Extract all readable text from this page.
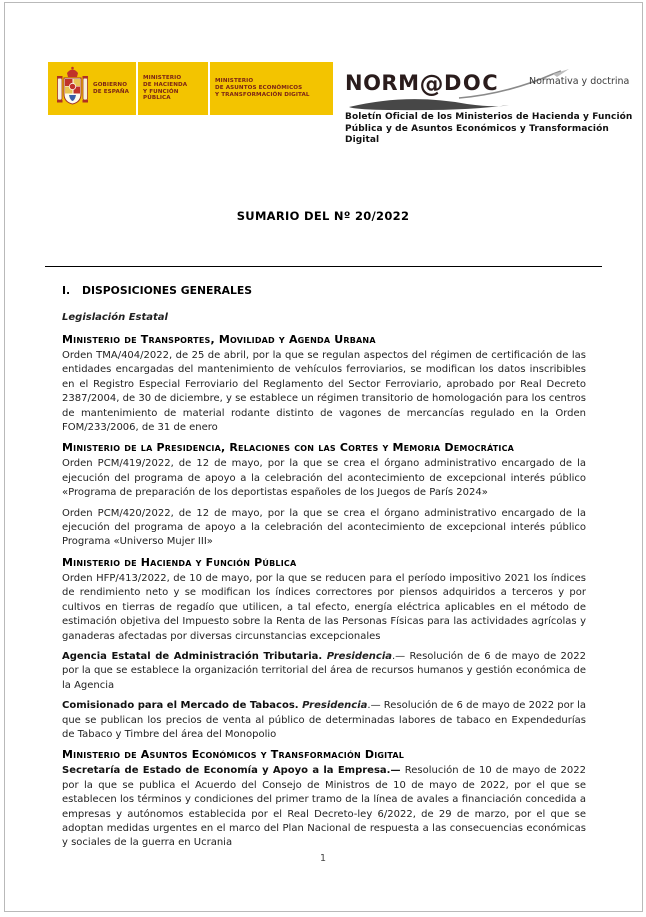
GOBIERNO
DE ESPAÑA
MINISTERIO
DE HACIENDA
Y FUNCIÓN PÚBLICA
MINISTERIO
DE ASUNTOS ECONÓMICOS
Y TRANSFORMACIÓN DIGITAL NORM@DOC	Normativa y doctrina
Boletín Oficial de los Ministerios de Hacienda y Función
Pública y de Asuntos Económicos y Transformación Digital
SUMARIO DEL Nº 20/2022
I. DISPOSICIONES GENERALES
Legislación Estatal
Ministerio de Transportes, Movilidad y Agenda Urbana

Orden TMA/404/2022, de 25 de abril, por la que se regulan aspectos del régimen de certificación de las entidades encargadas del mantenimiento de vehículos ferroviarios, se modifican los datos inscribibles en el Registro Especial Ferroviario del Reglamento del Sector Ferroviario, aprobado por Real Decreto 2387/2004, de 30 de diciembre, y se establece un régimen transitorio de homologación para los centros de mantenimiento de material rodante distinto de vagones de mercancías regulado en la Orden FOM/233/2006, de 31 de enero

Ministerio de la Presidencia, Relaciones con las Cortes y Memoria Democrática

Orden PCM/419/2022, de 12 de mayo, por la que se crea el órgano administrativo encargado de la ejecución del programa de apoyo a la celebración del acontecimiento de excepcional interés público «Programa de preparación de los deportistas españoles de los Juegos de París 2024»

Orden PCM/420/2022, de 12 de mayo, por la que se crea el órgano administrativo encargado de la ejecución del programa de apoyo a la celebración del acontecimiento de excepcional interés público Programa «Universo Mujer III»

Ministerio de Hacienda y Función Pública

Orden HFP/413/2022, de 10 de mayo, por la que se reducen para el período impositivo 2021 los índices de rendimiento neto y se modifican los índices correctores por piensos adquiridos a terceros y por cultivos en tierras de regadío que utilicen, a tal efecto, energía eléctrica aplicables en el método de estimación objetiva del Impuesto sobre la Renta de las Personas Físicas para las actividades agrícolas y ganaderas afectadas por diversas circunstancias excepcionales

Agencia Estatal de Administración Tributaria. Presidencia.— Resolución de 6 de mayo de 2022 por la que se establece la organización territorial del área de recursos humanos y gestión económica de la Agencia

Comisionado para el Mercado de Tabacos. Presidencia.— Resolución de 6 de mayo de 2022 por la que se publican los precios de venta al público de determinadas labores de tabaco en Expendedurías de Tabaco y Timbre del área del Monopolio

Ministerio de Asuntos Económicos y Transformación Digital

Secretaría de Estado de Economía y Apoyo a la Empresa.— Resolución de 10 de mayo de 2022 por la que se publica el Acuerdo del Consejo de Ministros de 10 de mayo de 2022, por el que se establecen los términos y condiciones del primer tramo de la línea de avales a financiación concedida a empresas y autónomos establecida por el Real Decreto-ley 6/2022, de 29 de marzo, por el que se adoptan medidas urgentes en el marco del Plan Nacional de respuesta a las consecuencias económicas y sociales de la guerra en Ucrania

1
